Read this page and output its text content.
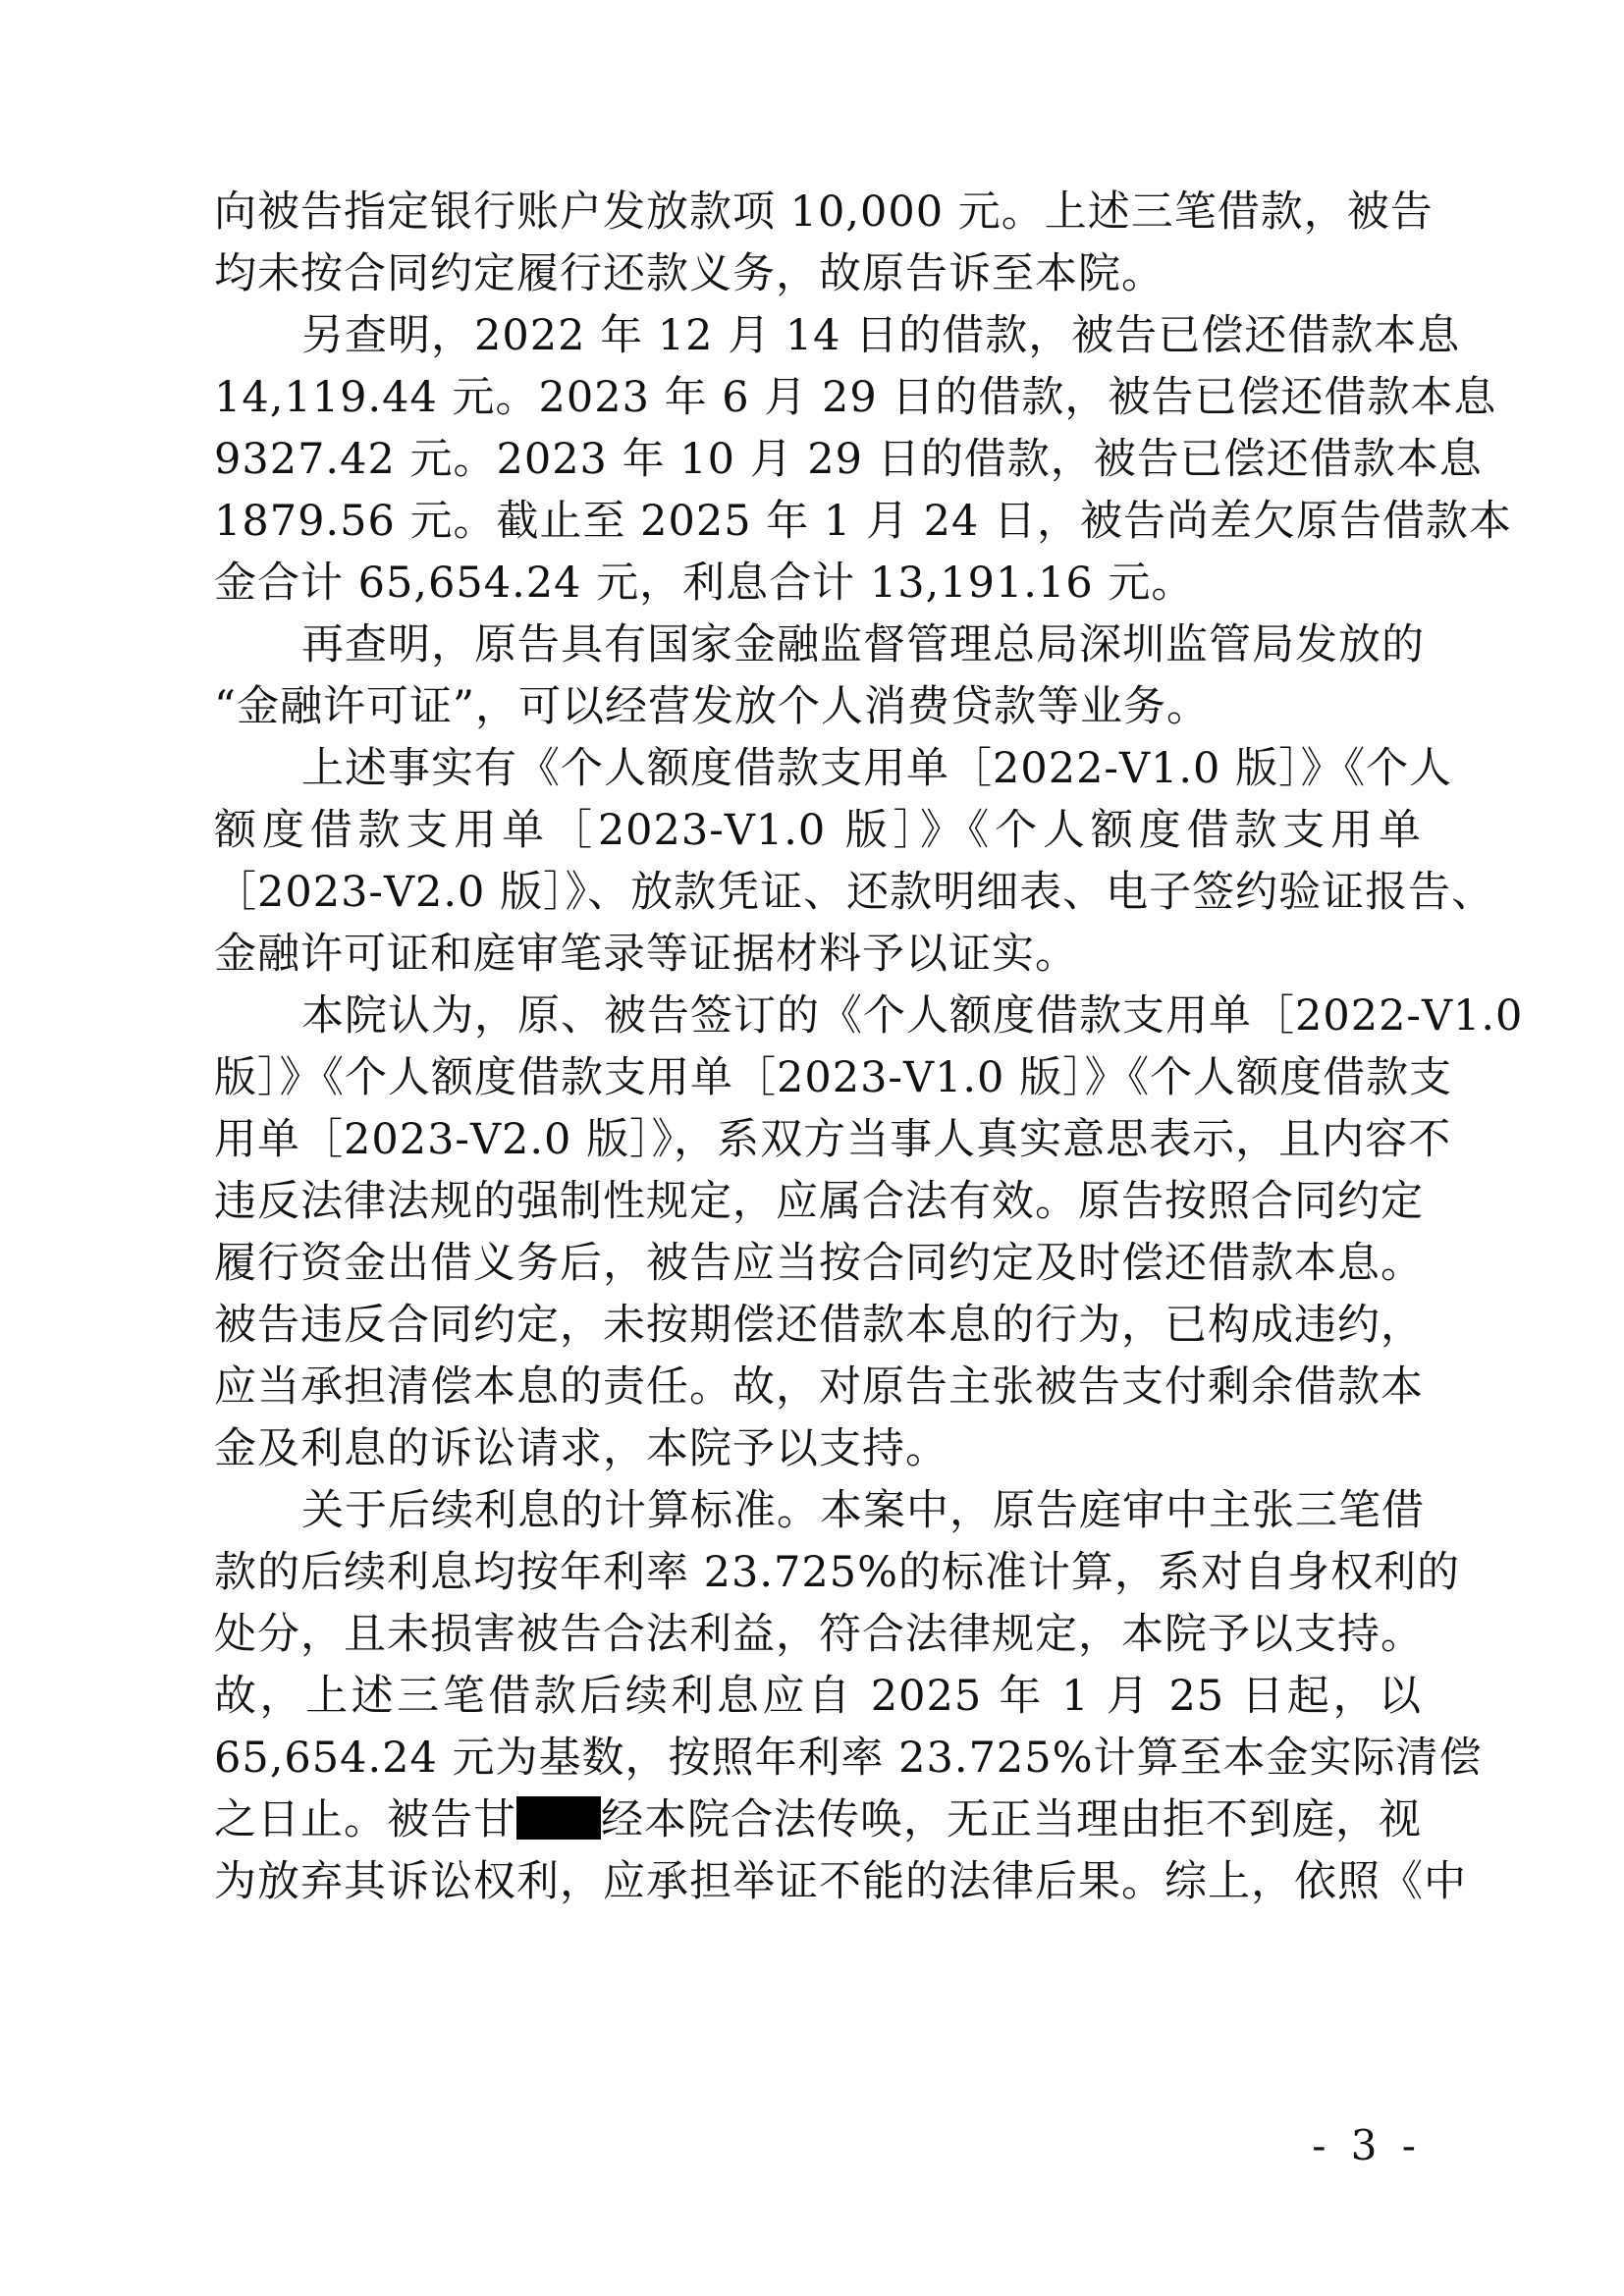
向被告指定银行账户发放款项 10,000 元。上述三笔借款，被告
均未按合同约定履行还款义务，故原告诉至本院。
另查明，2022 年 12 月 14 日的借款，被告已偿还借款本息
14,119.44 元。2023 年 6 月 29 日的借款，被告已偿还借款本息
9327.42 元。2023 年 10 月 29 日的借款，被告已偿还借款本息
1879.56 元。截止至 2025 年 1 月 24 日，被告尚差欠原告借款本
金合计 65,654.24 元，利息合计 13,191.16 元。
再查明，原告具有国家金融监督管理总局深圳监管局发放的
“金融许可证”，可以经营发放个人消费贷款等业务。
上述事实有《个人额度借款支用单［2022-V1.0 版］》《个人
额度借款支用单［2023-V1.0 版］》《个人额度借款支用单
［2023-V2.0 版］》、放款凭证、还款明细表、电子签约验证报告、
金融许可证和庭审笔录等证据材料予以证实。
本院认为，原、被告签订的《个人额度借款支用单［2022-V1.0
版］》《个人额度借款支用单［2023-V1.0 版］》《个人额度借款支
用单［2023-V2.0 版］》，系双方当事人真实意思表示，且内容不
违反法律法规的强制性规定，应属合法有效。原告按照合同约定
履行资金出借义务后，被告应当按合同约定及时偿还借款本息。
被告违反合同约定，未按期偿还借款本息的行为，已构成违约，
应当承担清偿本息的责任。故，对原告主张被告支付剩余借款本
金及利息的诉讼请求，本院予以支持。
关于后续利息的计算标准。本案中，原告庭审中主张三笔借
款的后续利息均按年利率 23.725%的标准计算，系对自身权利的
处分，且未损害被告合法利益，符合法律规定，本院予以支持。
故，上述三笔借款后续利息应自 2025 年 1 月 25 日起，以
65,654.24 元为基数，按照年利率 23.725%计算至本金实际清偿
之日止。被告甘 经本院合法传唤，无正当理由拒不到庭，视
为放弃其诉讼权利，应承担举证不能的法律后果。综上，依照《中
- 3 -
